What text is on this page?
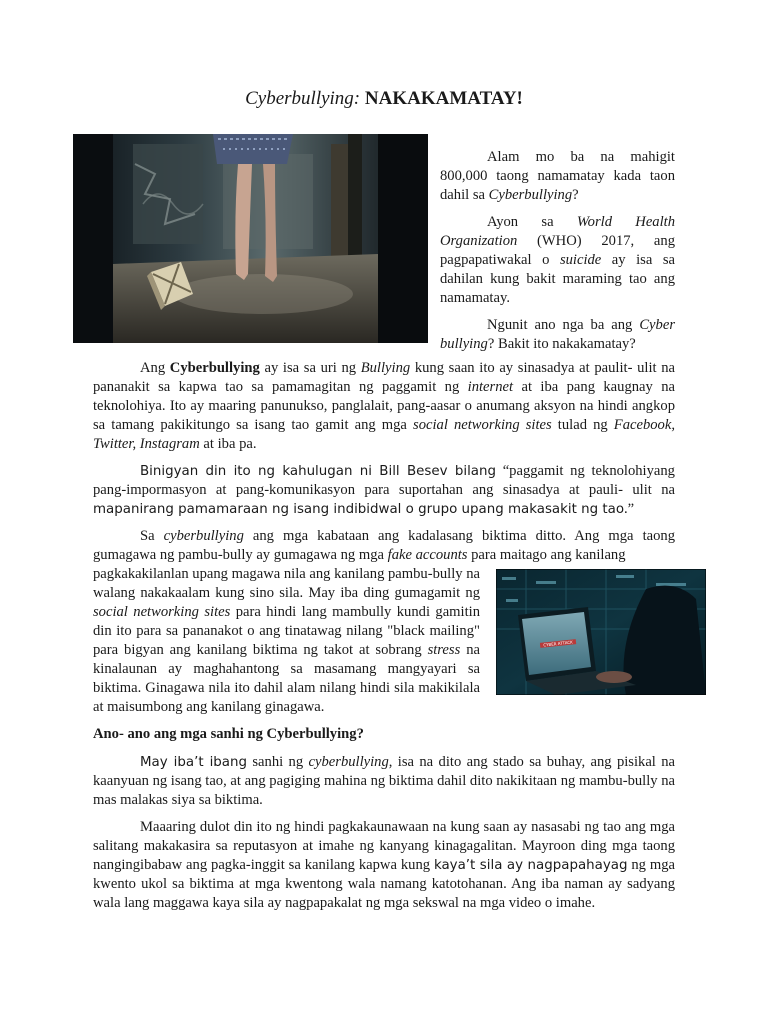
Cyberbullying: NAKAKAMATAY!

Alam mo ba na mahigit 800,000 taong namamatay kada taon dahil sa Cyberbullying?

Ayon sa World Health Organization (WHO) 2017, ang pagpapatiwakal o suicide ay isa sa dahilan kung bakit maraming tao ang namamatay.

Ngunit ano nga ba ang Cyber bullying? Bakit ito nakakamatay?

Ang Cyberbullying ay isa sa uri ng Bullying kung saan ito ay sinasadya at paulit- ulit na pananakit sa kapwa tao sa pamamagitan ng paggamit ng internet at iba pang kaugnay na teknolohiya. Ito ay maaring panunukso, panglalait, pang-aasar o anumang aksyon na hindi angkop sa tamang pakikitungo sa isang tao gamit ang mga social networking sites tulad ng Facebook, Twitter, Instagram at iba pa.

Binigyan din ito ng kahulugan ni Bill Besev bilang “paggamit ng teknolohiyang pang-impormasyon at pang-komunikasyon para suportahan ang sinasadya at pauli- ulit na mapanirang pamamaraan ng isang indibidwal o grupo upang makasakit ng tao.”

Sa cyberbullying ang mga kabataan ang kadalasang biktima ditto. Ang mga taong gumagawa ng pambu-bully ay gumagawa ng mga fake accounts para maitago ang kanilang

pagkakakilanlan upang magawa nila ang kanilang pambu-bully na walang nakakaalam kung sino sila. May iba ding gumagamit ng social networking sites para hindi lang mambully kundi gamitin din ito para sa pananakot o ang tinatawag nilang "black mailing" para bigyan ang kanilang biktima ng takot at sobrang stress na kinalaunan ay maghahantong sa masamang mangyayari sa biktima. Ginagawa nila ito dahil alam nilang hindi sila makikilala at maisumbong ang kanilang ginagawa.

CYBER ATTACK
Ano- ano ang mga sanhi ng Cyberbullying?

May iba’t ibang sanhi ng cyberbullying, isa na dito ang stado sa buhay, ang pisikal na kaanyuan ng isang tao, at ang pagiging mahina ng biktima dahil dito nakikitaan ng mambu-bully na mas malakas siya sa biktima.

Maaaring dulot din ito ng hindi pagkakaunawaan na kung saan ay nasasabi ng tao ang mga salitang makakasira sa reputasyon at imahe ng kanyang kinagagalitan. Mayroon ding mga taong nangingibabaw ang pagka-inggit sa kanilang kapwa kung kaya’t sila ay nagpapahayag ng mga kwento ukol sa biktima at mga kwentong wala namang katotohanan. Ang iba naman ay sadyang wala lang maggawa kaya sila ay nagpapakalat ng mga sekswal na mga video o imahe.
